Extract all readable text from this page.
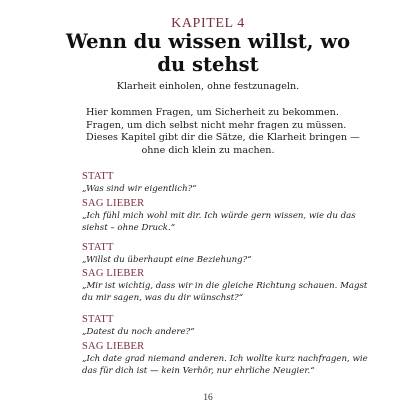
KAPITEL 4
Wenn du wissen willst, wo du stehst
Klarheit einholen, ohne festzunageln.
Hier kommen Fragen, um Sicherheit zu bekommen.
Fragen, um dich selbst nicht mehr fragen zu müssen.
Dieses Kapitel gibt dir die Sätze, die Klarheit bringen —
ohne dich klein zu machen.
STATT
„Was sind wir eigentlich?“
SAG LIEBER
„Ich fühl mich wohl mit dir. Ich würde gern wissen, wie du das
siehst – ohne Druck.“
STATT
„Willst du überhaupt eine Beziehung?“
SAG LIEBER
„Mir ist wichtig, dass wir in die gleiche Richtung schauen. Magst
du mir sagen, was du dir wünschst?“
STATT
„Datest du noch andere?“
SAG LIEBER
„Ich date grad niemand anderen. Ich wollte kurz nachfragen, wie
das für dich ist — kein Verhör, nur ehrliche Neugier.“
16
